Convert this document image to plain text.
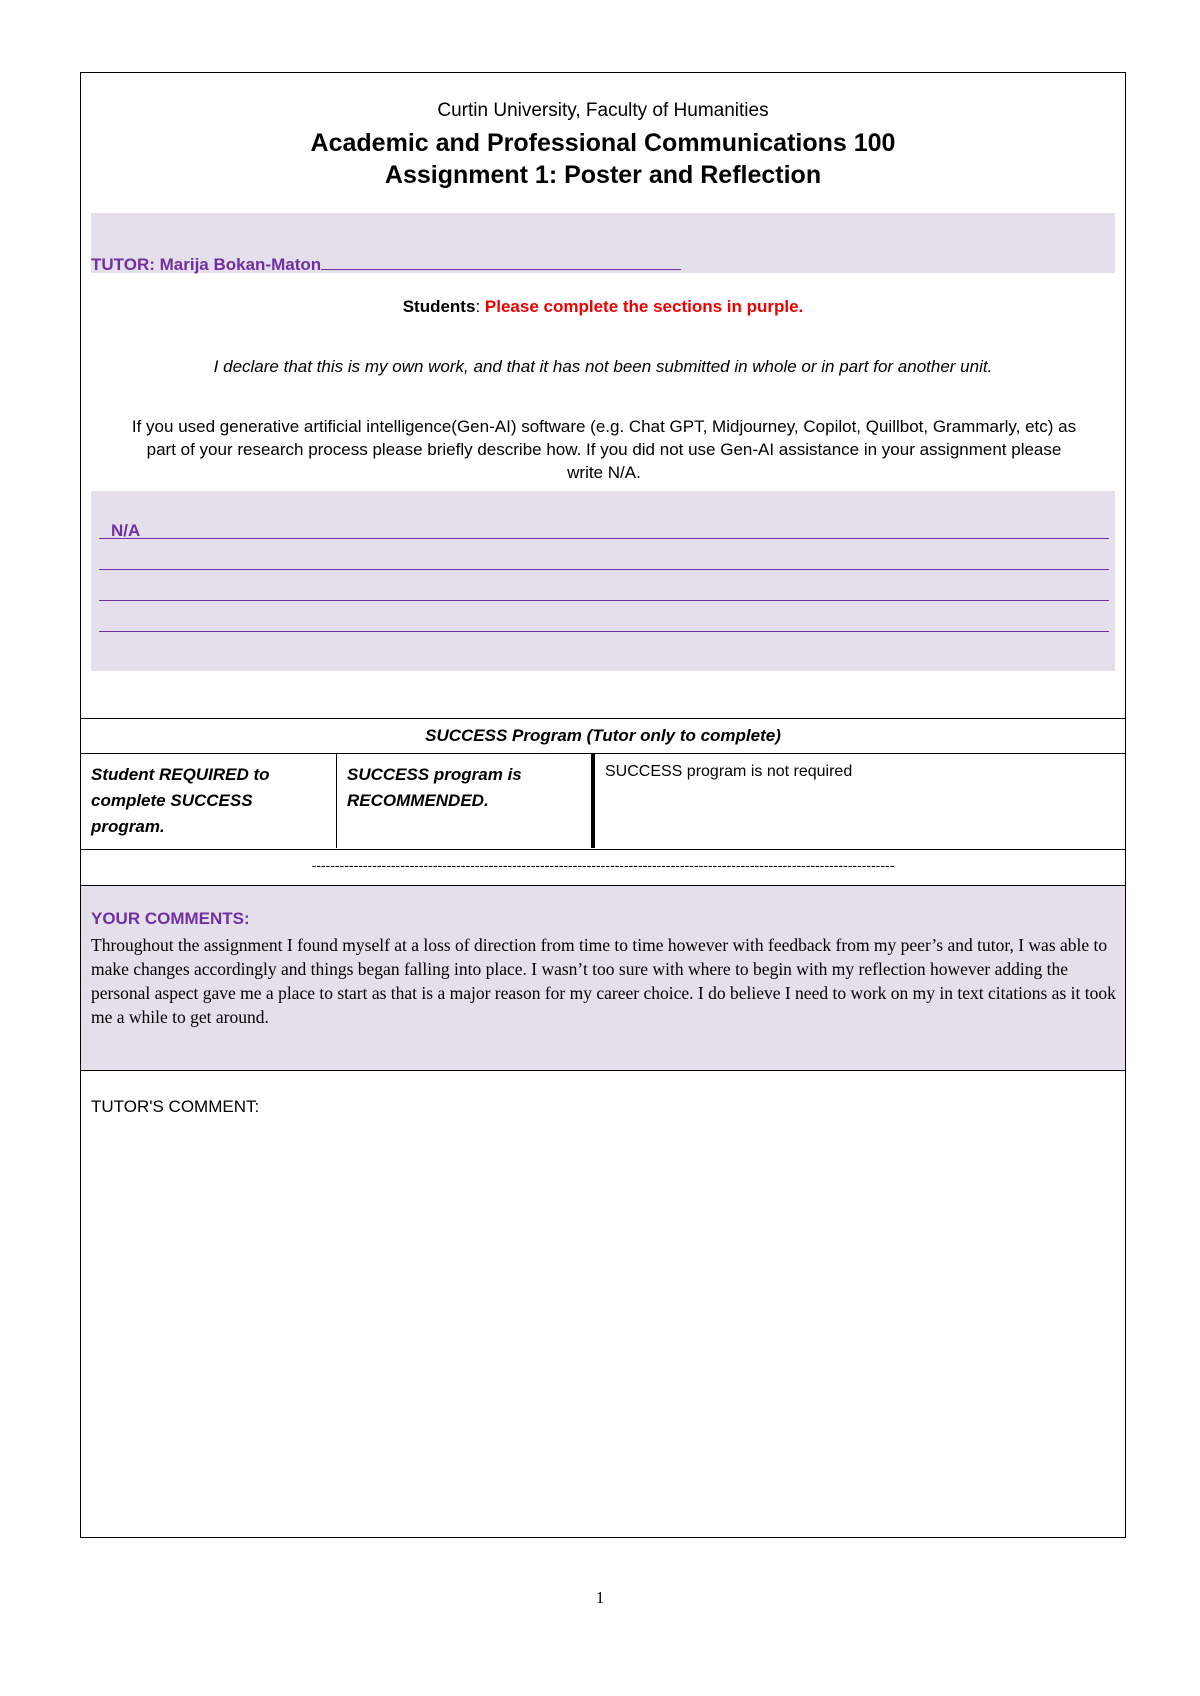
Curtin University, Faculty of Humanities
Academic and Professional Communications 100
Assignment 1: Poster and Reflection
TUTOR: Marija Bokan-Maton
Students: Please complete the sections in purple.
I declare that this is my own work, and that it has not been submitted in whole or in part for another unit.
If you used generative artificial intelligence(Gen-AI) software (e.g. Chat GPT, Midjourney, Copilot, Quillbot, Grammarly, etc) as part of your research process please briefly describe how. If you did not use Gen-AI assistance in your assignment please write N/A.
N/A
SUCCESS Program (Tutor only to complete)
Student REQUIRED to complete SUCCESS program.
SUCCESS program is RECOMMENDED.
SUCCESS program is not required
-----------------------------------------------------------------------------------------------------------------------------
YOUR COMMENTS:
Throughout the assignment I found myself at a loss of direction from time to time however with feedback from my peer’s and tutor, I was able to make changes accordingly and things began falling into place. I wasn’t too sure with where to begin with my reflection however adding the personal aspect gave me a place to start as that is a major reason for my career choice. I do believe I need to work on my in text citations as it took me a while to get around.
TUTOR'S COMMENT:
1
